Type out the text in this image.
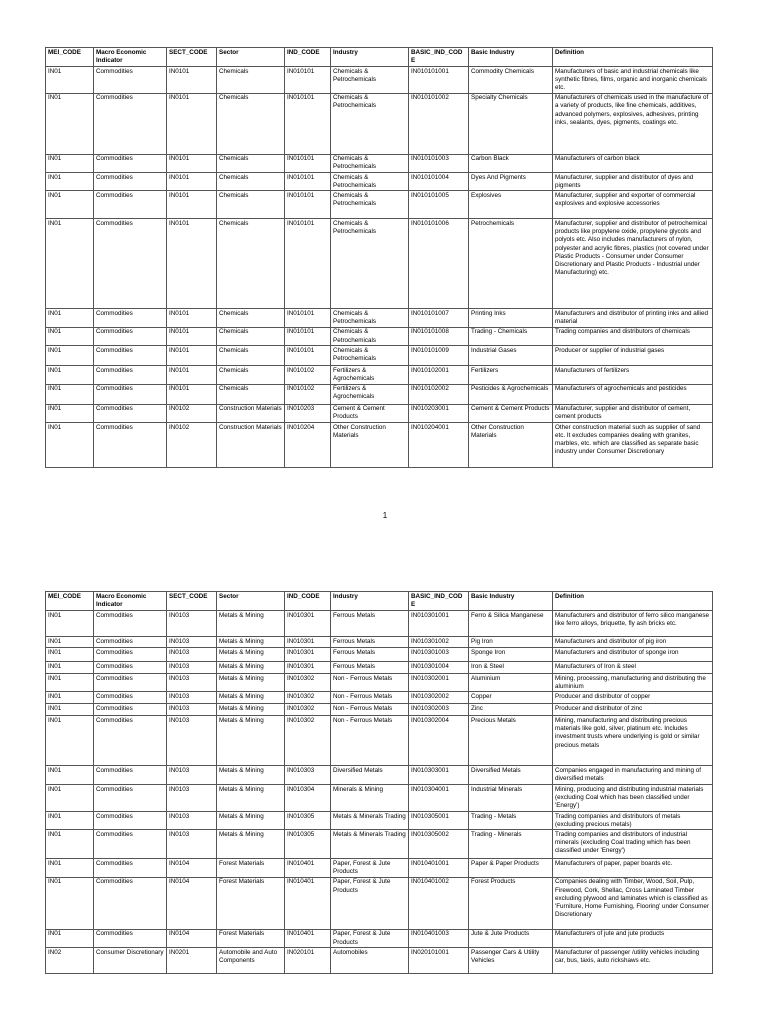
MEI_CODE	Macro Economic Indicator	SECT_CODE	Sector	IND_CODE	Industry	BASIC_IND_CODE	Basic Industry	Definition
IN01	Commodities	IN0101	Chemicals	IN010101	Chemicals & Petrochemicals	IN010101001	Commodity Chemicals	Manufacturers of basic and industrial chemicals like synthetic fibres, films, organic and inorganic chemicals etc.
IN01	Commodities	IN0101	Chemicals	IN010101	Chemicals & Petrochemicals	IN010101002	Specialty Chemicals	Manufacturers of chemicals used in the manufacture of a variety of products, like fine chemicals, additives, advanced polymers, explosives, adhesives, printing inks, sealants, dyes, pigments, coatings etc.
IN01	Commodities	IN0101	Chemicals	IN010101	Chemicals & Petrochemicals	IN010101003	Carbon Black	Manufacturers of carbon black
IN01	Commodities	IN0101	Chemicals	IN010101	Chemicals & Petrochemicals	IN010101004	Dyes And Pigments	Manufacturer, supplier and distributor of dyes and pigments
IN01	Commodities	IN0101	Chemicals	IN010101	Chemicals & Petrochemicals	IN010101005	Explosives	Manufacturer, supplier and exporter of commercial explosives and explosive accessories
IN01	Commodities	IN0101	Chemicals	IN010101	Chemicals & Petrochemicals	IN010101006	Petrochemicals	Manufacturer, supplier and distributor of petrochemical products like propylene oxide, propylene glycols and polyols etc. Also includes manufacturers of nylon, polyester and acrylic fibres, plastics (not covered under Plastic Products - Consumer under Consumer Discretionary and Plastic Products - Industrial under Manufacturing) etc.
IN01	Commodities	IN0101	Chemicals	IN010101	Chemicals & Petrochemicals	IN010101007	Printing Inks	Manufacturers and distributor of printing inks and allied material
IN01	Commodities	IN0101	Chemicals	IN010101	Chemicals & Petrochemicals	IN010101008	Trading - Chemicals	Trading companies and distributors of chemicals
IN01	Commodities	IN0101	Chemicals	IN010101	Chemicals & Petrochemicals	IN010101009	Industrial Gases	Producer or supplier of industrial gases
IN01	Commodities	IN0101	Chemicals	IN010102	Fertilizers & Agrochemicals	IN010102001	Fertilizers	Manufacturers of fertilizers
IN01	Commodities	IN0101	Chemicals	IN010102	Fertilizers & Agrochemicals	IN010102002	Pesticides & Agrochemicals	Manufacturers of agrochemicals and pesticides
IN01	Commodities	IN0102	Construction Materials	IN010203	Cement & Cement Products	IN010203001	Cement & Cement Products	Manufacturer, supplier and distributor of cement, cement products
IN01	Commodities	IN0102	Construction Materials	IN010204	Other Construction Materials	IN010204001	Other Construction Materials	Other construction material such as supplier of sand etc. It excludes companies dealing with granites, marbles, etc. which are classified as separate basic industry under Consumer Discretionary
1
MEI_CODE	Macro Economic Indicator	SECT_CODE	Sector	IND_CODE	Industry	BASIC_IND_CODE	Basic Industry	Definition
IN01	Commodities	IN0103	Metals & Mining	IN010301	Ferrous Metals	IN010301001	Ferro & Silica Manganese	Manufacturers and distributor of ferro silico manganese like ferro alloys, briquette, fly ash bricks etc.
IN01	Commodities	IN0103	Metals & Mining	IN010301	Ferrous Metals	IN010301002	Pig Iron	Manufacturers and distributor of pig iron
IN01	Commodities	IN0103	Metals & Mining	IN010301	Ferrous Metals	IN010301003	Sponge Iron	Manufacturers and distributor of sponge iron
IN01	Commodities	IN0103	Metals & Mining	IN010301	Ferrous Metals	IN010301004	Iron & Steel	Manufacturers of Iron & steel
IN01	Commodities	IN0103	Metals & Mining	IN010302	Non - Ferrous Metals	IN010302001	Aluminium	Mining, processing, manufacturing and distributing the aluminium
IN01	Commodities	IN0103	Metals & Mining	IN010302	Non - Ferrous Metals	IN010302002	Copper	Producer and distributor of copper
IN01	Commodities	IN0103	Metals & Mining	IN010302	Non - Ferrous Metals	IN010302003	Zinc	Producer and distributor of zinc
IN01	Commodities	IN0103	Metals & Mining	IN010302	Non - Ferrous Metals	IN010302004	Precious Metals	Mining, manufacturing and distributing precious materials like gold, silver, platinum etc. Includes investment trusts where underlying is gold or similar precious metals
IN01	Commodities	IN0103	Metals & Mining	IN010303	Diversified Metals	IN010303001	Diversified Metals	Companies engaged in manufacturing and mining of diversified metals
IN01	Commodities	IN0103	Metals & Mining	IN010304	Minerals & Mining	IN010304001	Industrial Minerals	Mining, producing and distributing industrial materials (excluding Coal which has been classified under 'Energy')
IN01	Commodities	IN0103	Metals & Mining	IN010305	Metals & Minerals Trading	IN010305001	Trading - Metals	Trading companies and distributors of metals (excluding precious metals)
IN01	Commodities	IN0103	Metals & Mining	IN010305	Metals & Minerals Trading	IN010305002	Trading - Minerals	Trading companies and distributors of industrial minerals (excluding Coal trading which has been classified under 'Energy')
IN01	Commodities	IN0104	Forest Materials	IN010401	Paper, Forest & Jute Products	IN010401001	Paper & Paper Products	Manufacturers of paper, paper boards etc.
IN01	Commodities	IN0104	Forest Materials	IN010401	Paper, Forest & Jute Products	IN010401002	Forest Products	Companies dealing with Timber, Wood, Soil, Pulp, Firewood, Cork, Shellac, Cross Laminated Timber excluding plywood and laminates which is classified as 'Furniture, Home Furnishing, Flooring' under Consumer Discretionary
IN01	Commodities	IN0104	Forest Materials	IN010401	Paper, Forest & Jute Products	IN010401003	Jute & Jute Products	Manufacturers of jute and jute products
IN02	Consumer Discretionary	IN0201	Automobile and Auto Components	IN020101	Automobiles	IN020101001	Passenger Cars & Utility Vehicles	Manufacturer of passenger /utility vehicles including car, bus, taxis, auto rickshaws etc.
